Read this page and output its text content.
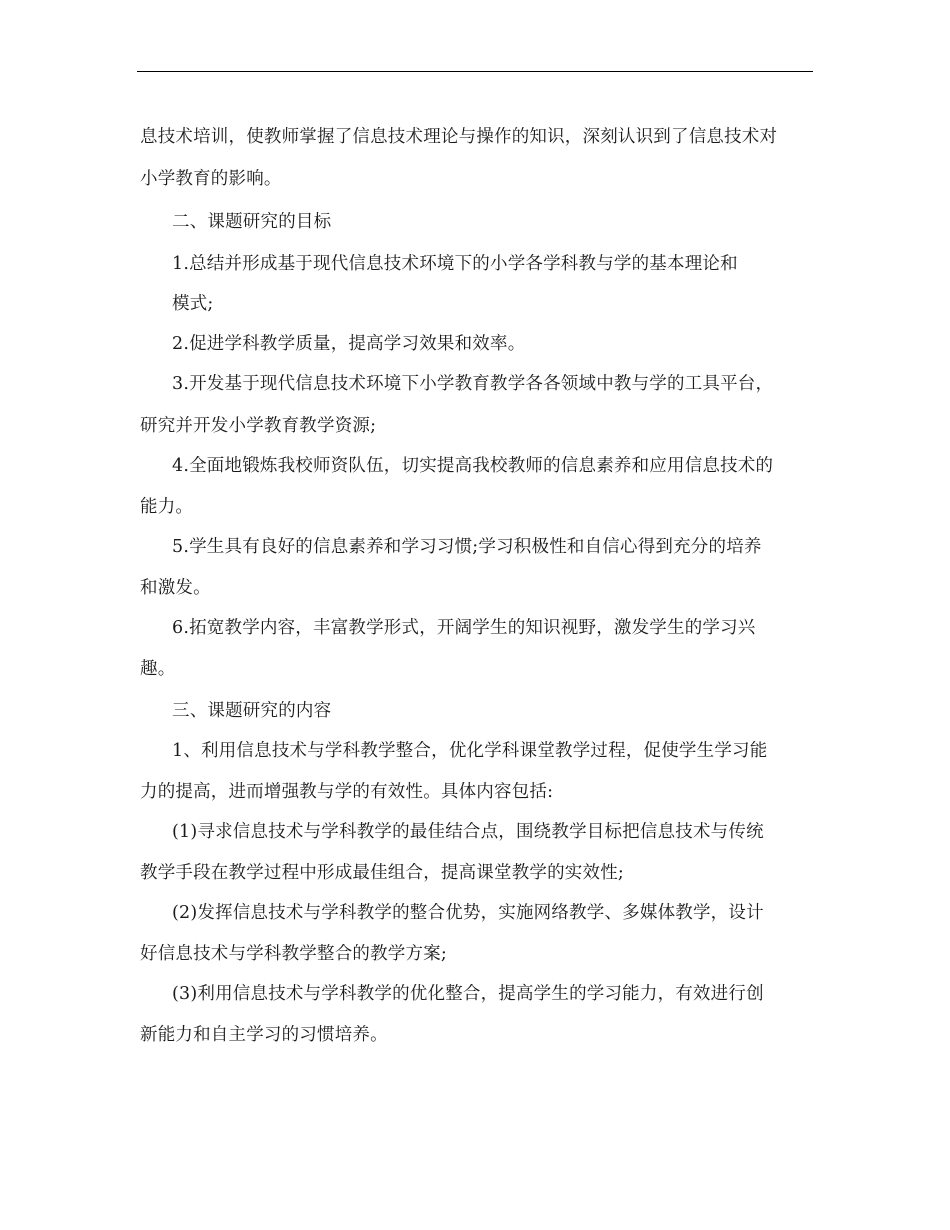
息技术培训，使教师掌握了信息技术理论与操作的知识，深刻认识到了信息技术对
小学教育的影响。
二、课题研究的目标
1.总结并形成基于现代信息技术环境下的小学各学科教与学的基本理论和
模式;
2.促进学科教学质量，提高学习效果和效率。
3.开发基于现代信息技术环境下小学教育教学各各领域中教与学的工具平台，
研究并开发小学教育教学资源;
4.全面地锻炼我校师资队伍，切实提高我校教师的信息素养和应用信息技术的
能力。
5.学生具有良好的信息素养和学习习惯;学习积极性和自信心得到充分的培养
和激发。
6.拓宽教学内容，丰富教学形式，开阔学生的知识视野，激发学生的学习兴
趣。
三、课题研究的内容
1、利用信息技术与学科教学整合，优化学科课堂教学过程，促使学生学习能
力的提高，进而增强教与学的有效性。具体内容包括:
(1)寻求信息技术与学科教学的最佳结合点，围绕教学目标把信息技术与传统
教学手段在教学过程中形成最佳组合，提高课堂教学的实效性;
(2)发挥信息技术与学科教学的整合优势，实施网络教学、多媒体教学，设计
好信息技术与学科教学整合的教学方案;
(3)利用信息技术与学科教学的优化整合，提高学生的学习能力，有效进行创
新能力和自主学习的习惯培养。
